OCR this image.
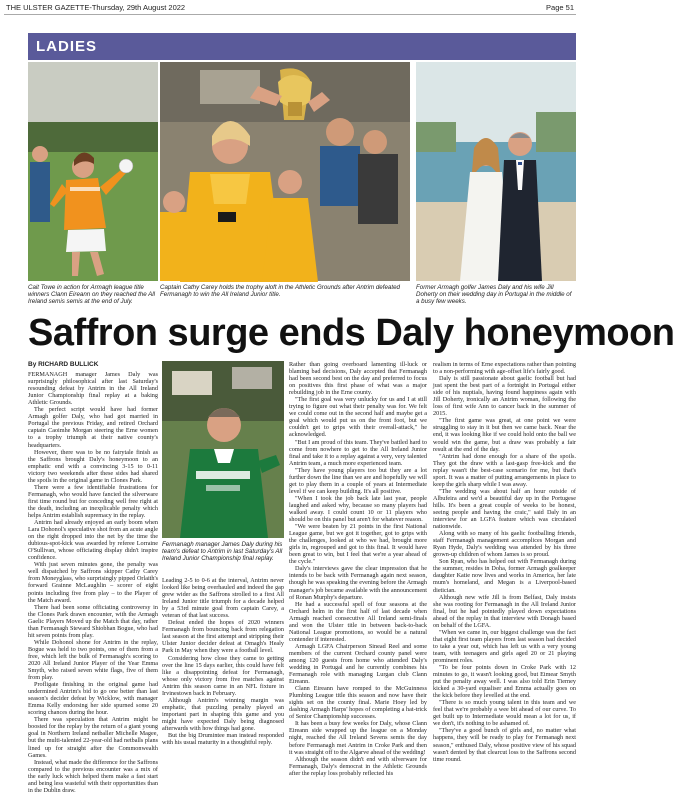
THE ULSTER GAZETTE-Thursday, 29th August 2022	Page 51
LADIES
Cait Towe in action for Armagh league title winners Clann Eireann on they reached the All Ireland semis semis at the end of July.
Captain Cathy Carey holds the trophy aloft in the Athletic Grounds after Antrim defeated Fermanagh to win the All Ireland Junior title.
Former Armagh golfer James Daly and his wife Jill Doherty on their wedding day in Portugal in the middle of a busy few weeks.
Saffron surge ends Daly honeymoon
By RICHARD BULLICK

FERMANAGH manager James Daly was surprisingly philosophical after last Saturday's resounding defeat by Antrim in the All Ireland Junior Championship final replay at a baking Athletic Grounds.

The perfect script would have had former Armagh golfer Daly, who had got married in Portugal the previous Friday, and retired Orchard captain Caoimhe Morgan steering the Erne women to a trophy triumph at their native county's headquarters.

However, there was to be no fairytale finish as the Saffrons brought Daly's honeymoon to an emphatic end with a convincing 3-15 to 0-11 victory two weekends after these sides had shared the spoils in the original game in Clones Park.

There were a few identifiable frustrations for Fermanagh, who would have fancied the silverware first time round but for conceding well free right at the death, including an inexplicable penalty which helps Antrim establish supremacy in the replay.

Antrim had already enjoyed an early boom when Lara Dohonol's speculative shot from an acute angle on the right dropped into the net by the time the dubious-spot-kick was awarded by referee Lorraine O'Sullivan, whose officiating display didn't inspire confidence.

With just seven minutes gone, the penalty was well dispatched by Saffrons skipper Cathy Carey from Moneyglass, who surprisingly pipped Orlaith's forward Grainne McLaughlin – scorer of eight points including five from play – to the Player of the Match award.

There had been some officiating controversy in the Clones Park drawn encounter, with the Armagh Gaelic Players Moved up the Match that day, rather than Fermanagh Steward Shiobhan Bogue, who had hit seven points from play.

While Dohonol shone for Antrim in the replay, Bogue was held to two points, one of them from a free, which left the bulk of Fermanagh's scoring to 2020 All Ireland Junior Player of the Year Emma Smyth, who raised seven white flags, five of them from play.

Profligate finishing in the original game had undermined Antrim's bid to go one better than last season's decider defeat by Wicklow, with manager Emma Kelly endorsing her side spurned some 20 scoring chances during the hour.

There was speculation that Antrim might be boosted for the replay by the return of a giant young goal in Northern Ireland netballer Michelle Magee, but the multi-talented 22-year-old had netballs plans lined up for straight after the Commonwealth Games.

Instead, what made the difference for the Saffrons compared to the previous encounter was a mix of the early luck which helped them make a fast start and being less wasteful with their opportunities than in the Dublin draw.

Fermanagh manager James Daly during his team's defeat to Antrim in last Saturday's All Ireland Junior Championship final replay.

Leading 2-5 to 0-6 at the interval, Antrim never looked like being overhauled and indeed the gap grew wider as the Saffrons strolled to a first All Ireland Junior title triumph for a decade helped by a 53rd minute goal from captain Carey, a veteran of that last success.

Defeat ended the hopes of 2020 winners Fermanagh from bouncing back from relegation last season at the first attempt and stripping their Ulster Junior decider defeat at Omagh's Healy Park in May when they were a football level.

Considering how close they came to getting over the line 15 days earlier, this could have felt like a disappointing defeat for Fermanagh, whose only victory from five matches against Antrim this season came in an NFL fixture in Irvinestown back in February.

Although Antrim's winning margin was emphatic, that puzzling penalty played an important part in shaping this game and you might have expected Daly being diagnosed afterwards with how things had gone.

But the big Drumintee man instead responded with his usual maturity in a thoughtful reply.

Rather than going overboard lamenting ill-luck or blaming bad decisions, Daly accepted that Fermanagh had been second best on the day and preferred to focus on positives this first phase of what was a major rebuilding job in the Erne county.

"The first goal was very unlucky for us and I at still trying to figure out what their penalty was for. We felt we could come out in the second half and maybe get a goal which would put us on the front foot, but we couldn't get to grips with their overall-attack," he acknowledged.

"But I am proud of this team. They've battled hard to come from nowhere to get to the All Ireland Junior final and take it to a replay against a very, very talented Antrim team, a much more experienced team.

"They have young players too but they are a lot further down the line than we are and hopefully we will get to play them in a couple of years at Intermediate level if we can keep building. It's all positive.

"When I took the job back late last year, people laughed and asked why, because so many players had walked away. I could count 10 or 11 players who should be on this panel but aren't for whatever reason.

"We were beaten by 21 points in the first National League game, but we got it together, got to grips with the challenges, looked at who we had, brought more girls in, regrouped and got to this final. It would have been great to win, but I feel that we're a year ahead of the cycle."

Daly's interviews gave the clear impression that he intends to be back with Fermanagh again next season, though he was speaking the evening before the Armagh manager's job became available with the announcement of Ronan Murphy's departure.

He had a successful spell of four seasons at the Orchard helm in the first half of last decade when Armagh reached consecutive All Ireland semi-finals and won the Ulster title in between back-to-back National League promotions, so would be a natural contender if interested.

Armagh LGFA Chairperson Sinead Reel and some members of the current Orchard county panel were among 120 guests from home who attended Daly's wedding in Portugal and he currently combines his Fermanagh role with managing Lurgan club Clann Eireann.

Clann Eireann have romped to the McGuinness Plumbing League title this season and now have their sights set on the county final. Marie Hoey led by dashing Armagh Harps' hopes of completing a hat-trick of Senior Championship successes.

It has been a busy few weeks for Daly, whose Clann Eireann side wrapped up the league on a Monday night, reached the All Ireland Sevens semis the day before Fermanagh met Antrim in Croke Park and then it was straight off to the Algarve ahead of the wedding!

Although the season didn't end with silverware for Fermanagh, Daly's democrat in the Athletic Grounds after the replay loss probably reflected his

realism in terms of Erne expectations rather than pointing to a non-performing with age-offset life's fairly good.

Daly is still passionate about gaelic football but had just spent the best part of a fortnight in Portugal either side of his nuptials, having found happiness again with Jill Doherty, ironically an Antrim woman, following the loss of first wife Ann to cancer back in the summer of 2015.

"The first game was great, at one point we were struggling to stay in it but then we came back. Near the end, it was looking like if we could hold onto the ball we would win the game, but a draw was probably a fair result at the end of the day.

"Antrim had done enough for a share of the spoils. They got the draw with a last-gasp free-kick and the replay wasn't the best-case scenario for me, but that's sport. It was a matter of putting arrangements in place to keep the girls sharp while I was away.

"The wedding was about half an hour outside of Albufeira and we'd a beautiful day up in the Portugese hills. It's been a great couple of weeks to be honest, seeing people and having the craic," said Daly in an interview for an LGFA feature which was circulated nationwide.

Along with so many of his gaelic footballing friends, staff Fermanagh management accomplices Morgan and Ryan Hyde, Daly's wedding was attended by his three grown-up children of whom James is so proud.

Son Ryan, who has helped out with Fermanagh during the summer, resides in Doha, former Armagh goalkeeper daughter Katie now lives and works in America, her late mum's homeland, and Megan is a Liverpool-based dietician.

Although new wife Jill is from Belfast, Daly insists she was rooting for Fermanagh in the All Ireland Junior final, but he had pointedly played down expectations ahead of the replay in that interview with Donagh based on behalf of the LGFA.

"When we came in, our biggest challenge was the fact that eight first team players from last season had decided to take a year out, which has left us with a very young team, with teenagers and girls aged 20 or 21 playing prominent roles.

"To be four points down in Croke Park with 12 minutes to go, it wasn't looking good, but Eimear Smyth put the penalty away well. I was also told Erin Tierney kicked a 30-yard equaliser and Emma actually goes on the kick before they levelled at the end.

"There is so much young talent in this team and we feel that we're probably a wee bit ahead of our curve. To get built up to Intermediate would mean a lot for us, if we don't, it's nothing to be ashamed of.

"They've a good bunch of girls and, no matter what happens, they will be ready to play for Fermanagh next season," enthused Daly, whose positive view of his squad wasn't dented by that clearcut loss to the Saffrons second time round.
